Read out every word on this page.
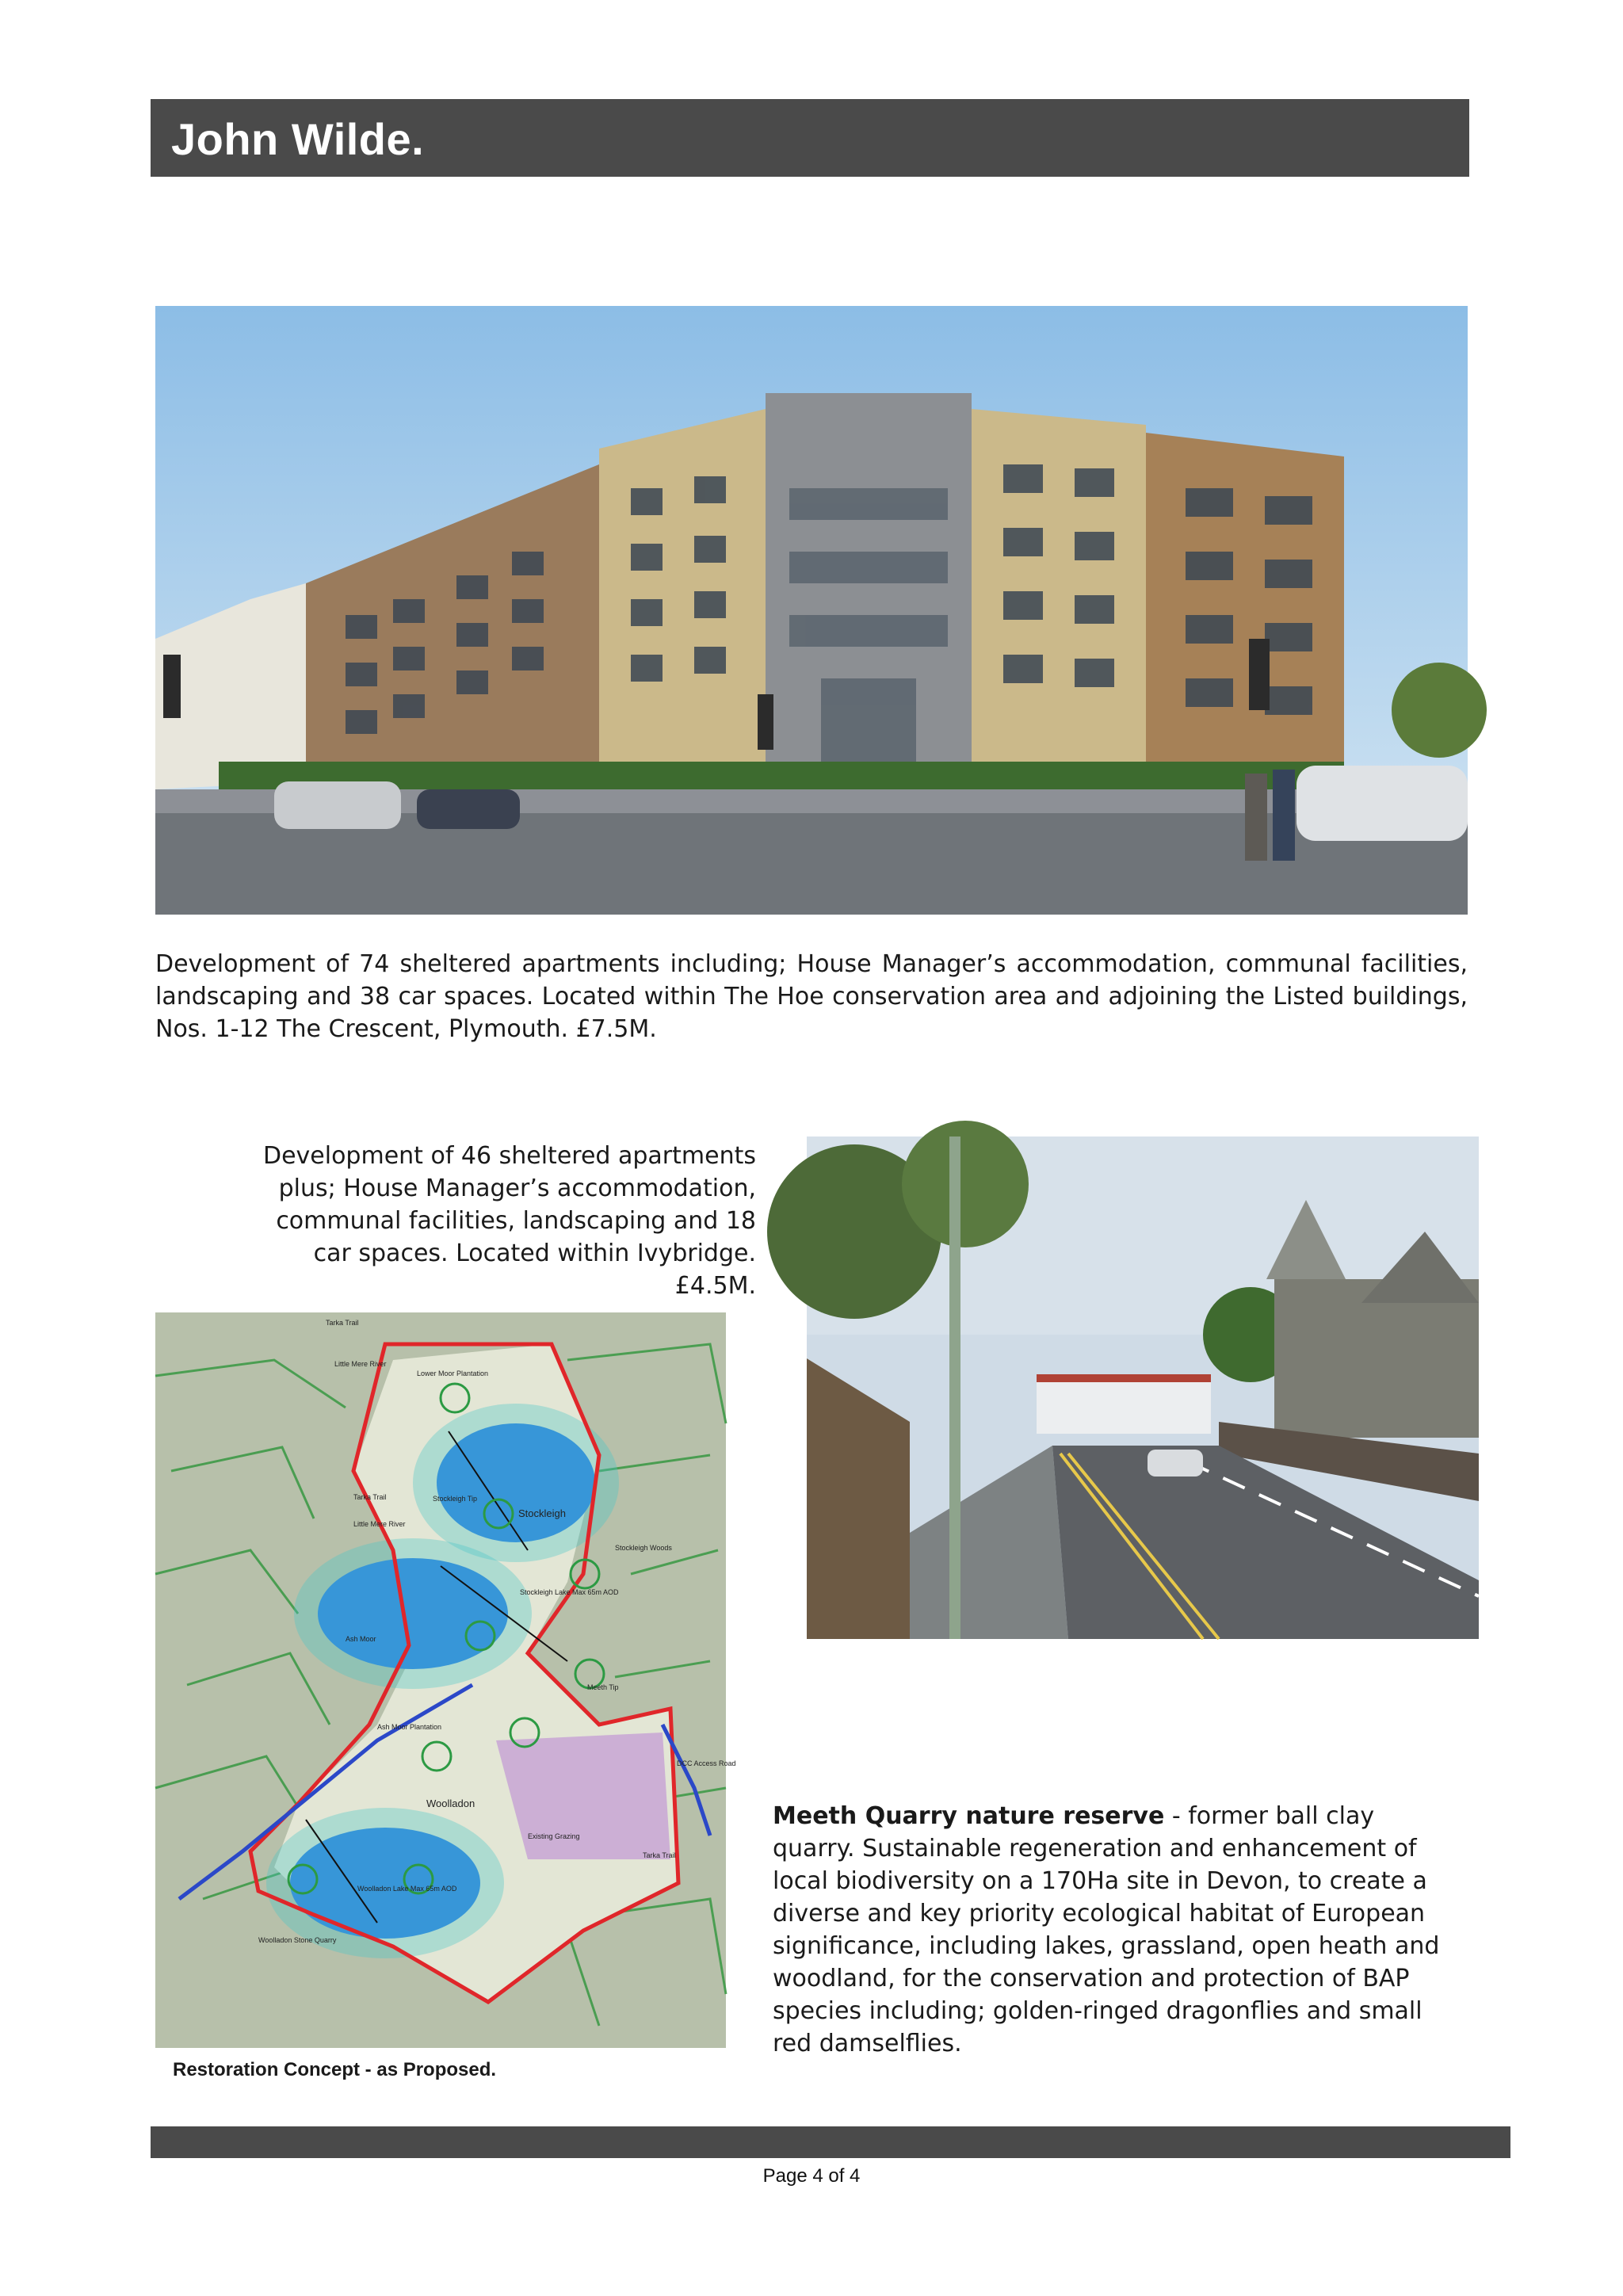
John Wilde.
Development of 74 sheltered apartments including; House Manager’s accommodation, communal facilities, landscaping and 38 car spaces. Located within The Hoe conservation area and adjoining the Listed buildings, Nos. 1-12 The Crescent, Plymouth. £7.5M.
Development of 46 sheltered apartments plus; House Manager’s accommodation, communal facilities, landscaping and 18 car spaces. Located within Ivybridge. £4.5M.
Tarka Trail
Little Mere River
Lower Moor Plantation
Tarka Trail
Little Mere River
Stockleigh Tip
Stockleigh
Stockleigh Woods
Stockleigh Lake Max 65m AOD
Ash Moor
Meeth Tip
Ash Moor Plantation
Woolladon
Woolladon Lake Max 65m AOD
DCC Access Road
Woolladon Stone Quarry
Existing Grazing
Tarka Trail
Restoration Concept - as Proposed.
Meeth Quarry nature reserve - former ball clay quarry. Sustainable regeneration and enhancement of local biodiversity on a 170Ha site in Devon, to create a diverse and key priority ecological habitat of European significance, including lakes, grassland, open heath and woodland, for the conservation and protection of BAP species including; golden-ringed dragonflies and small red damselflies.
Page 4 of 4
